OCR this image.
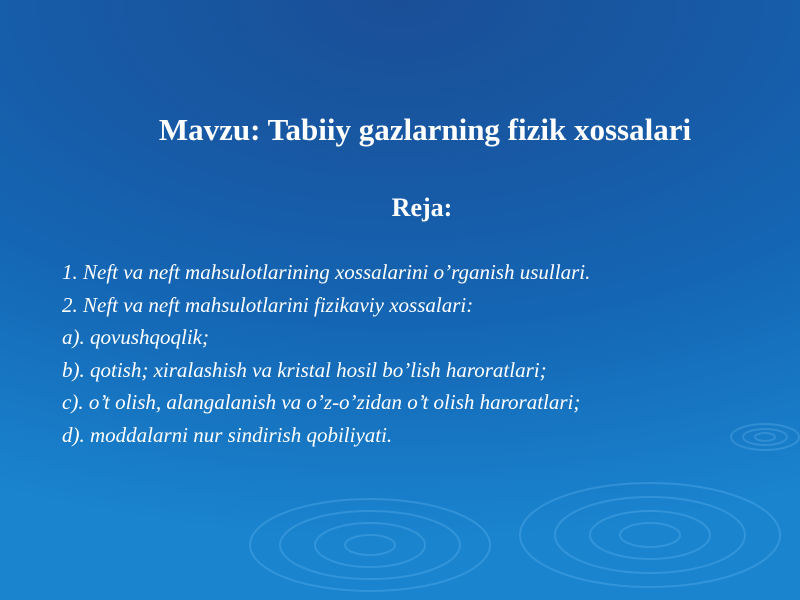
Mavzu: Tabiiy gazlarning fizik xossalari
Reja:

1. Neft va neft mahsulotlarining xossalarini o’rganish usullari.

2. Neft va neft mahsulotlarini fizikaviy xossalari:

a). qovushqoqlik;

b). qotish; xiralashish va kristal hosil bo’lish haroratlari;

c). o’t olish, alangalanish va o’z-o’zidan o’t olish haroratlari;

d). moddalarni nur sindirish qobiliyati.
